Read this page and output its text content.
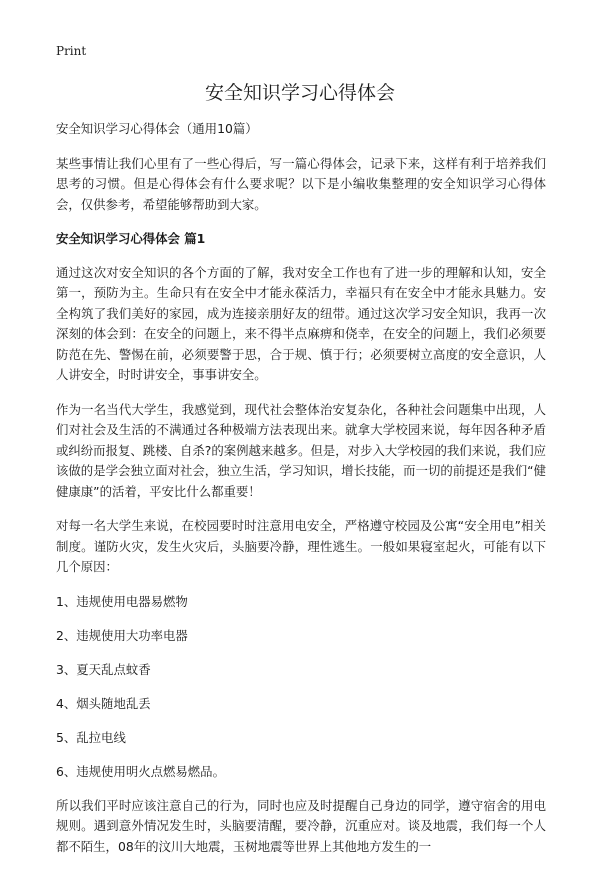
Print
安全知识学习心得体会

安全知识学习心得体会（通用10篇）

某些事情让我们心里有了一些心得后，写一篇心得体会，记录下来，这样有利于培养我们思考的习惯。但是心得体会有什么要求呢？以下是小编收集整理的安全知识学习心得体会，仅供参考，希望能够帮助到大家。

安全知识学习心得体会 篇1

通过这次对安全知识的各个方面的了解，我对安全工作也有了进一步的理解和认知，安全第一，预防为主。生命只有在安全中才能永葆活力，幸福只有在安全中才能永具魅力。安全构筑了我们美好的家园，成为连接亲朋好友的纽带。通过这次学习安全知识，我再一次深刻的体会到：在安全的问题上，来不得半点麻痹和侥幸，在安全的问题上，我们必须要防范在先、警惕在前，必须要警于思，合于规、慎于行；必须要树立高度的安全意识，人人讲安全，时时讲安全，事事讲安全。

作为一名当代大学生，我感觉到，现代社会整体治安复杂化，各种社会问题集中出现，人们对社会及生活的不满通过各种极端方法表现出来。就拿大学校园来说，每年因各种矛盾或纠纷而报复、跳楼、自杀?的案例越来越多。但是，对步入大学校园的我们来说，我们应该做的是学会独立面对社会，独立生活，学习知识，增长技能，而一切的前提还是我们“健健康康”的活着，平安比什么都重要！

对每一名大学生来说，在校园要时时注意用电安全，严格遵守校园及公寓“安全用电”相关制度。谨防火灾，发生火灾后，头脑要冷静，理性逃生。一般如果寝室起火，可能有以下几个原因：

1、违规使用电器易燃物

2、违规使用大功率电器

3、夏天乱点蚊香

4、烟头随地乱丢

5、乱拉电线

6、违规使用明火点燃易燃品。

所以我们平时应该注意自己的行为，同时也应及时提醒自己身边的同学，遵守宿舍的用电规则。遇到意外情况发生时，头脑要清醒，要冷静，沉重应对。谈及地震，我们每一个人都不陌生，08年的汶川大地震，玉树地震等世界上其他地方发生的一
